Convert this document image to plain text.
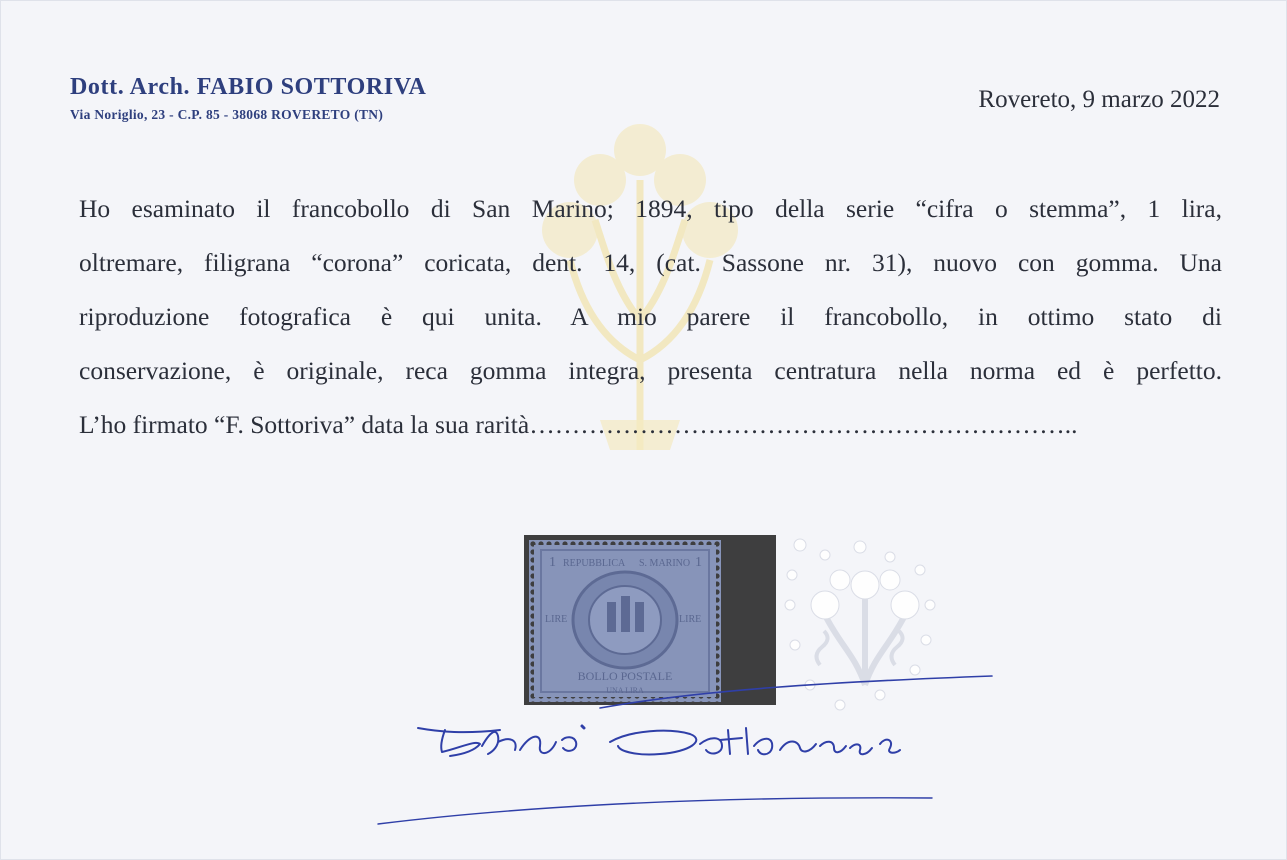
Dott. Arch. FABIO SOTTORIVA
Via Noriglio, 23 - C.P. 85 - 38068 ROVERETO (TN)
Rovereto, 9 marzo 2022
Ho esaminato il francobollo di San Marino; 1894, tipo della serie “cifra o stemma”, 1 lira,
oltremare, filigrana “corona” coricata, dent. 14, (cat. Sassone nr. 31), nuovo con gomma. Una
riproduzione fotografica è qui unita. A mio parere il francobollo, in ottimo stato di
conservazione, è originale, reca gomma integra, presenta centratura nella norma ed è perfetto.
L’ho firmato “F. Sottoriva” data la sua rarità………………………………………………………..
BOLLO POSTALE
1	1
REPUBBLICA S. MARINO
LIRE	LIRE
UNA LIRA
